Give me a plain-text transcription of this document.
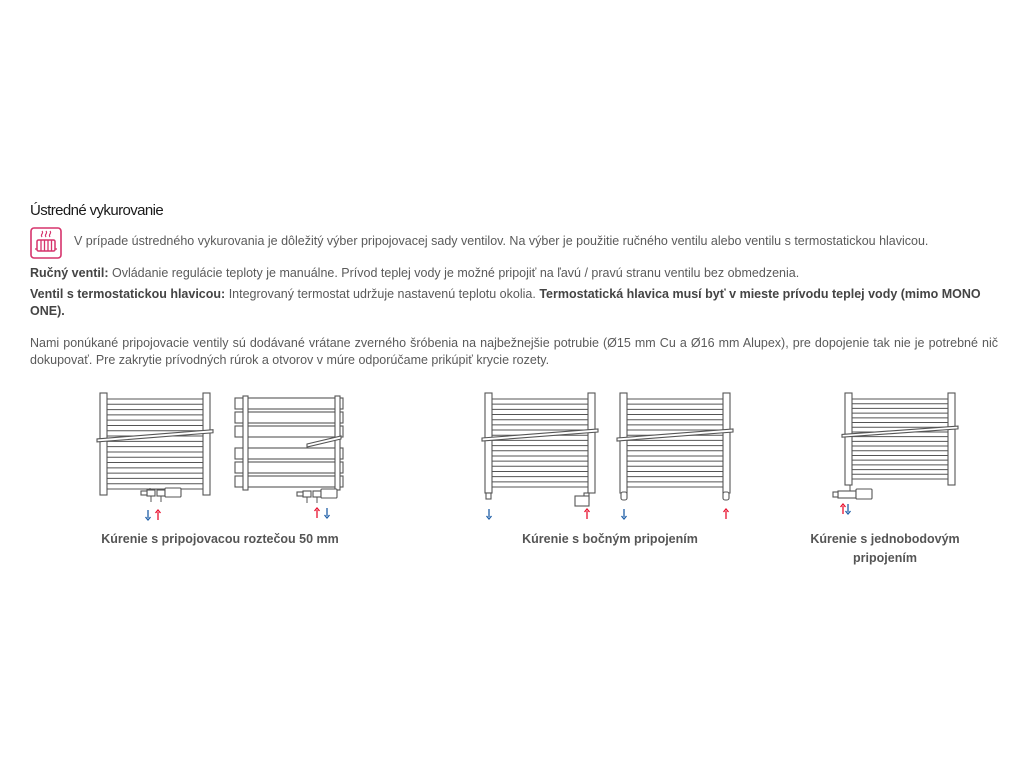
Ústredné vykurovanie

V prípade ústredného vykurovania je dôležitý výber pripojovacej sady ventilov. Na výber je použitie ručného ventilu alebo ventilu s termostatickou hlavicou.

Ručný ventil: Ovládanie regulácie teploty je manuálne. Prívod teplej vody je možné pripojiť na ľavú / pravú stranu ventilu bez obmedzenia.

Ventil s termostatickou hlavicou: Integrovaný termostat udržuje nastavenú teplotu okolia. Termostatická hlavica musí byť v mieste prívodu teplej vody (mimo MONO ONE).

Nami ponúkané pripojovacie ventily sú dodávané vrátane zverného šróbenia na najbežnejšie potrubie (Ø15 mm Cu a Ø16 mm Alupex), pre dopojenie tak nie je potrebné nič dokupovať. Pre zakrytie prívodných rúrok a otvorov v múre odporúčame prikúpiť krycie rozety.

Kúrenie s pripojovacou roztečou 50 mm	Kúrenie s bočným pripojením	Kúrenie s jednobodovým
pripojením
